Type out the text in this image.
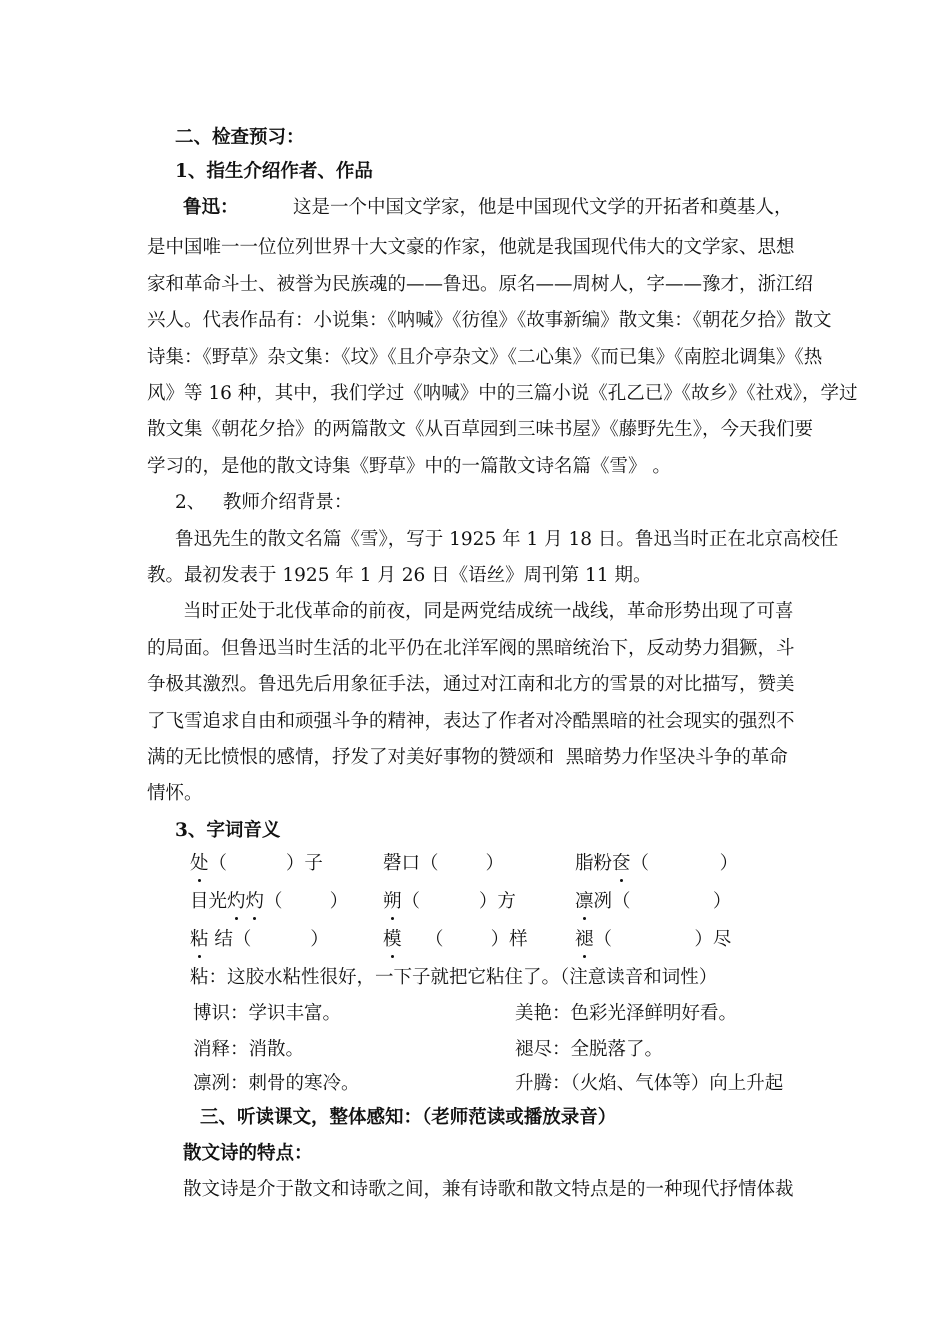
二、检查预习：
1、指生介绍作者、作品
鲁迅：	这是一个中国文学家，他是中国现代文学的开拓者和奠基人，
是中国唯一一位位列世界十大文豪的作家，他就是我国现代伟大的文学家、思想
家和革命斗士、被誉为民族魂的——鲁迅。原名——周树人，字——豫才，浙江绍
兴人。代表作品有：小说集：《呐喊》《彷徨》《故事新编》散文集：《朝花夕拾》散文
诗集：《野草》杂文集：《坟》《且介亭杂文》《二心集》《而已集》《南腔北调集》《热
风》等 16 种，其中，我们学过《呐喊》中的三篇小说《孔乙已》《故乡》《社戏》，学过
散文集《朝花夕拾》的两篇散文《从百草园到三味书屋》《藤野先生》，今天我们要
学习的，是他的散文诗集《野草》中的一篇散文诗名篇《雪》 。
2、   教师介绍背景：
鲁迅先生的散文名篇《雪》，写于 1925 年 1 月 18 日。鲁迅当时正在北京高校任
教。最初发表于 1925 年 1 月 26 日《语丝》周刊第 11 期。
当时正处于北伐革命的前夜，同是两党结成统一战线，革命形势出现了可喜
的局面。但鲁迅当时生活的北平仍在北洋军阀的黑暗统治下，反动势力猖獗，斗
争极其激烈。鲁迅先后用象征手法，通过对江南和北方的雪景的对比描写，赞美
了飞雪追求自由和顽强斗争的精神，表达了作者对冷酷黑暗的社会现实的强烈不
满的无比愤恨的感情，抒发了对美好事物的赞颂和  黑暗势力作坚决斗争的革命
情怀。
3、字词音义
处（          ）子	磬口（        ）	脂粉奁（            ）
目光灼灼（        ） 朔（          ）方	凛冽（              ）
粘 结（          ）	模    （        ）样	褪（              ）尽
粘：这胶水粘性很好，一下子就把它粘住了。（注意读音和词性）
博识：学识丰富。	美艳：色彩光泽鲜明好看。
消释：消散。	褪尽：全脱落了。
凛冽：刺骨的寒冷。	升腾：（火焰、气体等）向上升起
三、听读课文，整体感知：（老师范读或播放录音）
散文诗的特点：
散文诗是介于散文和诗歌之间，兼有诗歌和散文特点是的一种现代抒情体裁
